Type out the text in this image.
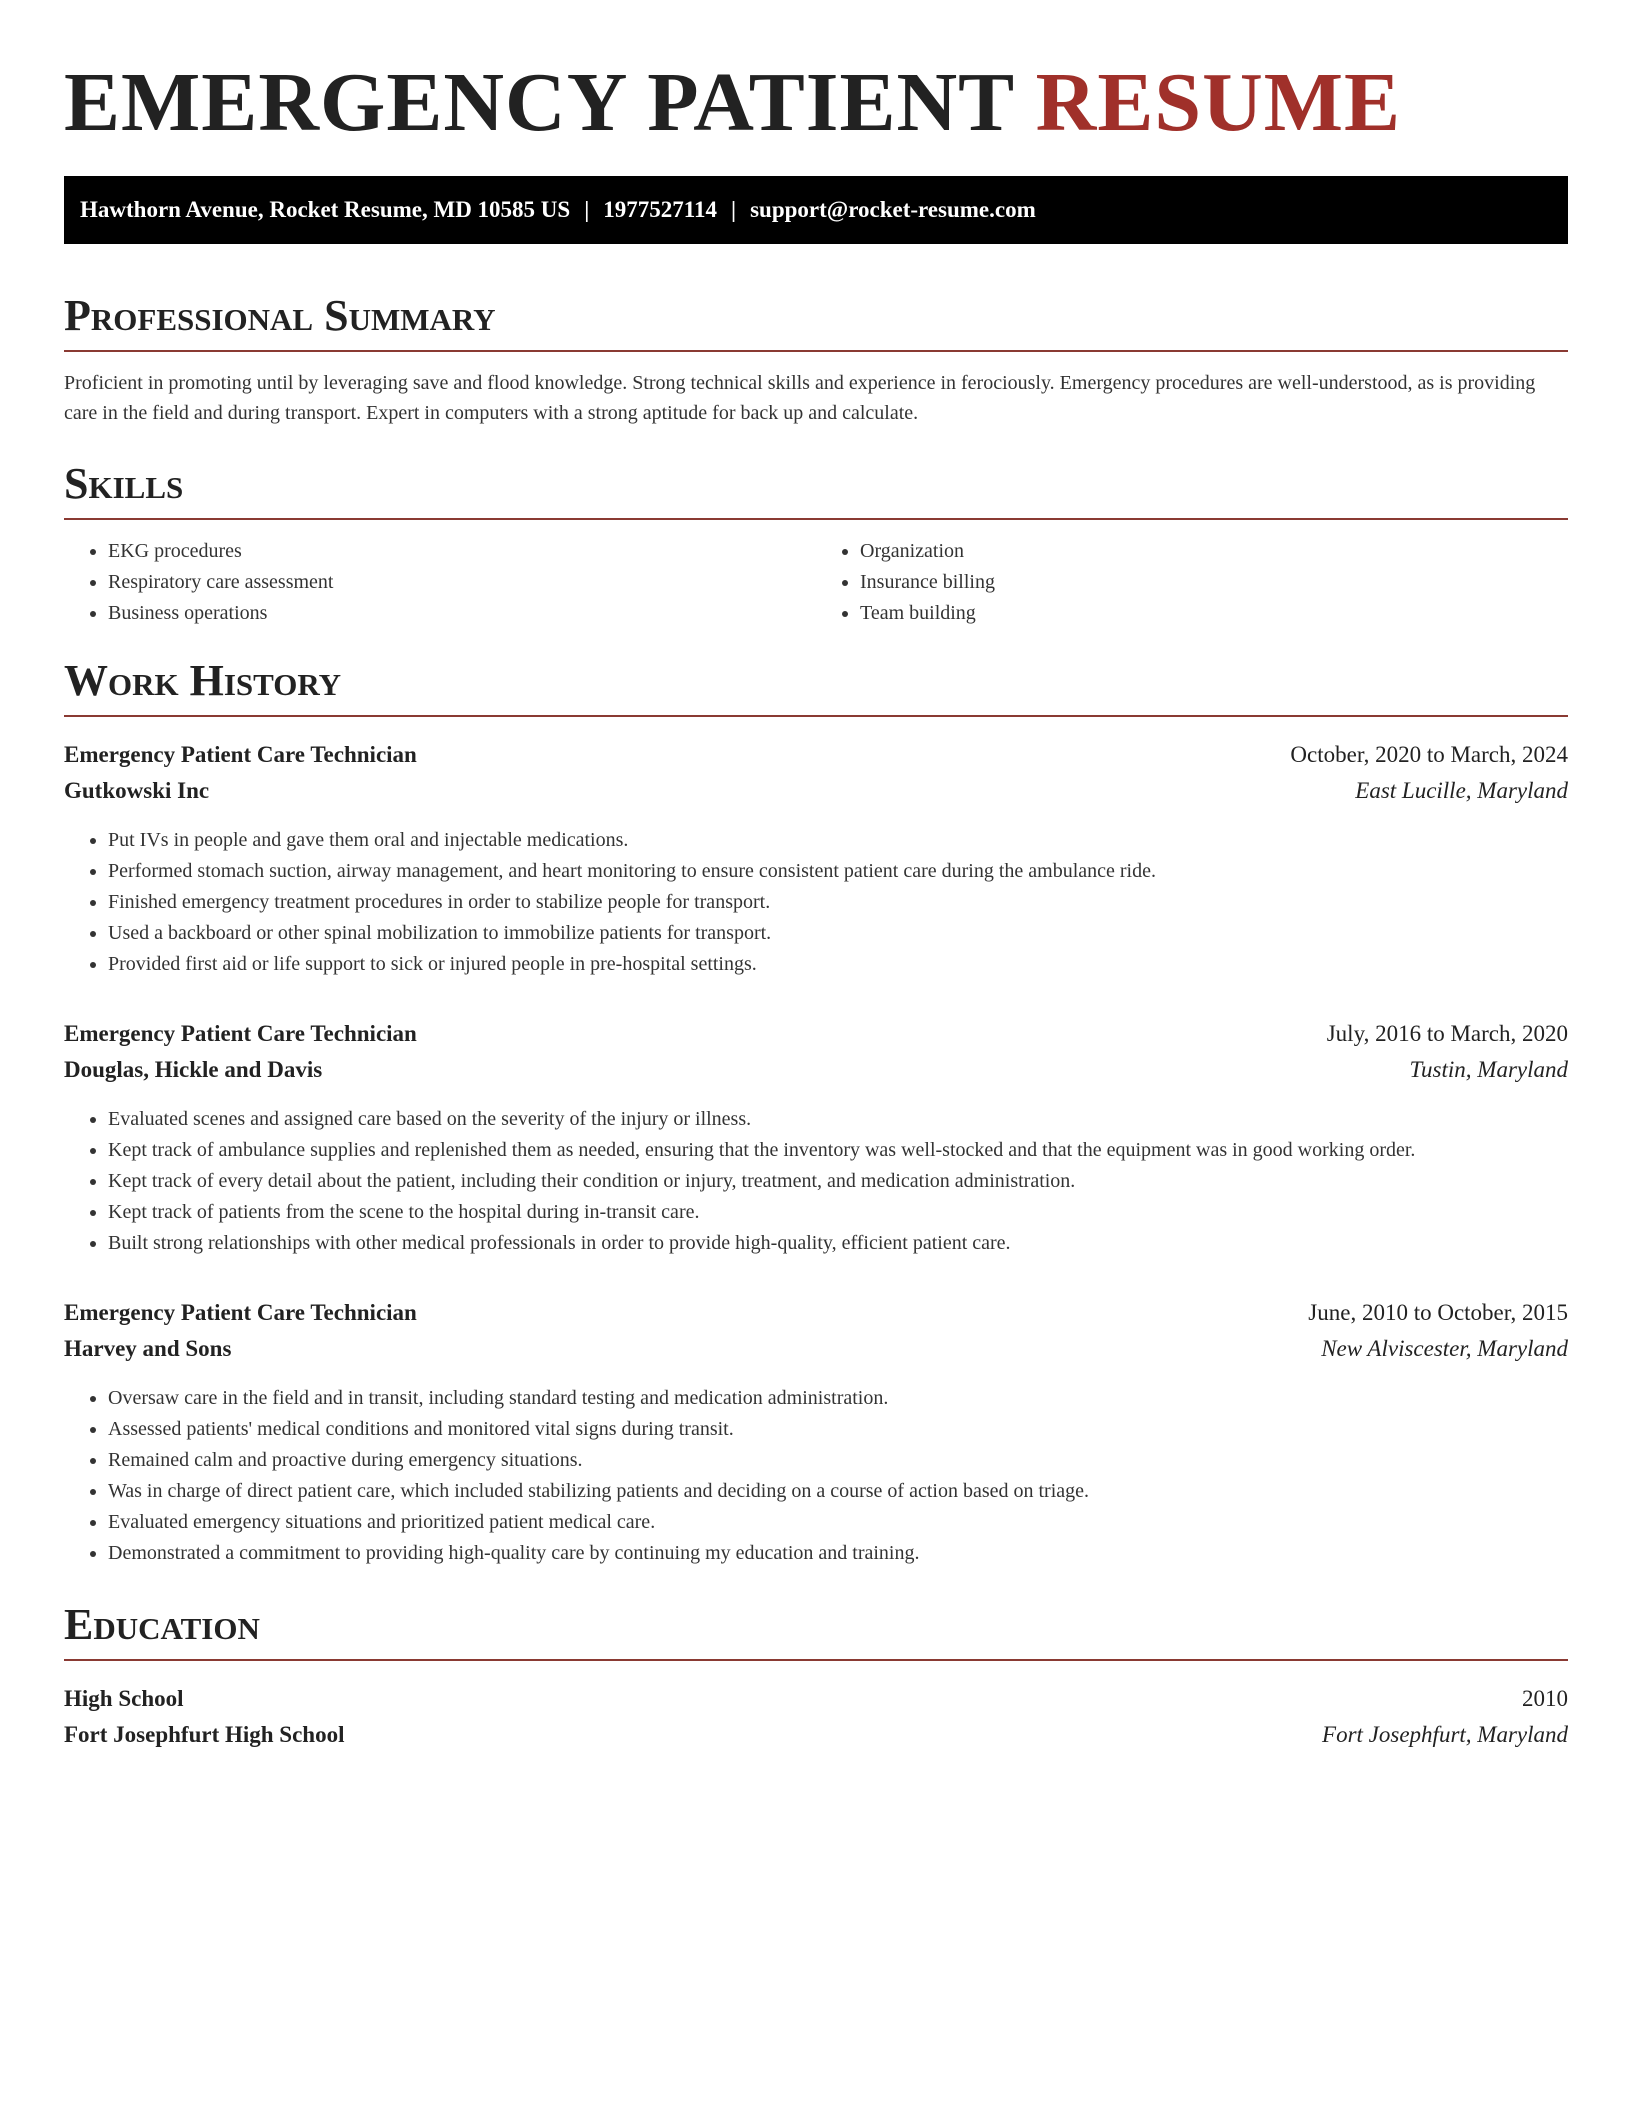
EMERGENCY PATIENT RESUME
Hawthorn Avenue, Rocket Resume, MD 10585 US | 1977527114 | support@rocket-resume.com
Professional Summary

Proficient in promoting until by leveraging save and flood knowledge. Strong technical skills and experience in ferociously. Emergency procedures are well-understood, as is providing care in the field and during transport. Expert in computers with a strong aptitude for back up and calculate.

Skills
• EKG procedures
• Respiratory care assessment
• Business operations
• Organization
• Insurance billing
• Team building
Work History
Emergency Patient Care Technician	October, 2020 to March, 2024
Gutkowski Inc	East Lucille, Maryland
• Put IVs in people and gave them oral and injectable medications.
• Performed stomach suction, airway management, and heart monitoring to ensure consistent patient care during the ambulance ride.
• Finished emergency treatment procedures in order to stabilize people for transport.
• Used a backboard or other spinal mobilization to immobilize patients for transport.
• Provided first aid or life support to sick or injured people in pre-hospital settings.
Emergency Patient Care Technician	July, 2016 to March, 2020
Douglas, Hickle and Davis	Tustin, Maryland
• Evaluated scenes and assigned care based on the severity of the injury or illness.
• Kept track of ambulance supplies and replenished them as needed, ensuring that the inventory was well-stocked and that the equipment was in good working order.
• Kept track of every detail about the patient, including their condition or injury, treatment, and medication administration.
• Kept track of patients from the scene to the hospital during in-transit care.
• Built strong relationships with other medical professionals in order to provide high-quality, efficient patient care.
Emergency Patient Care Technician	June, 2010 to October, 2015
Harvey and Sons	New Alviscester, Maryland
• Oversaw care in the field and in transit, including standard testing and medication administration.
• Assessed patients' medical conditions and monitored vital signs during transit.
• Remained calm and proactive during emergency situations.
• Was in charge of direct patient care, which included stabilizing patients and deciding on a course of action based on triage.
• Evaluated emergency situations and prioritized patient medical care.
• Demonstrated a commitment to providing high-quality care by continuing my education and training.
Education
High School	2010
Fort Josephfurt High School	Fort Josephfurt, Maryland
